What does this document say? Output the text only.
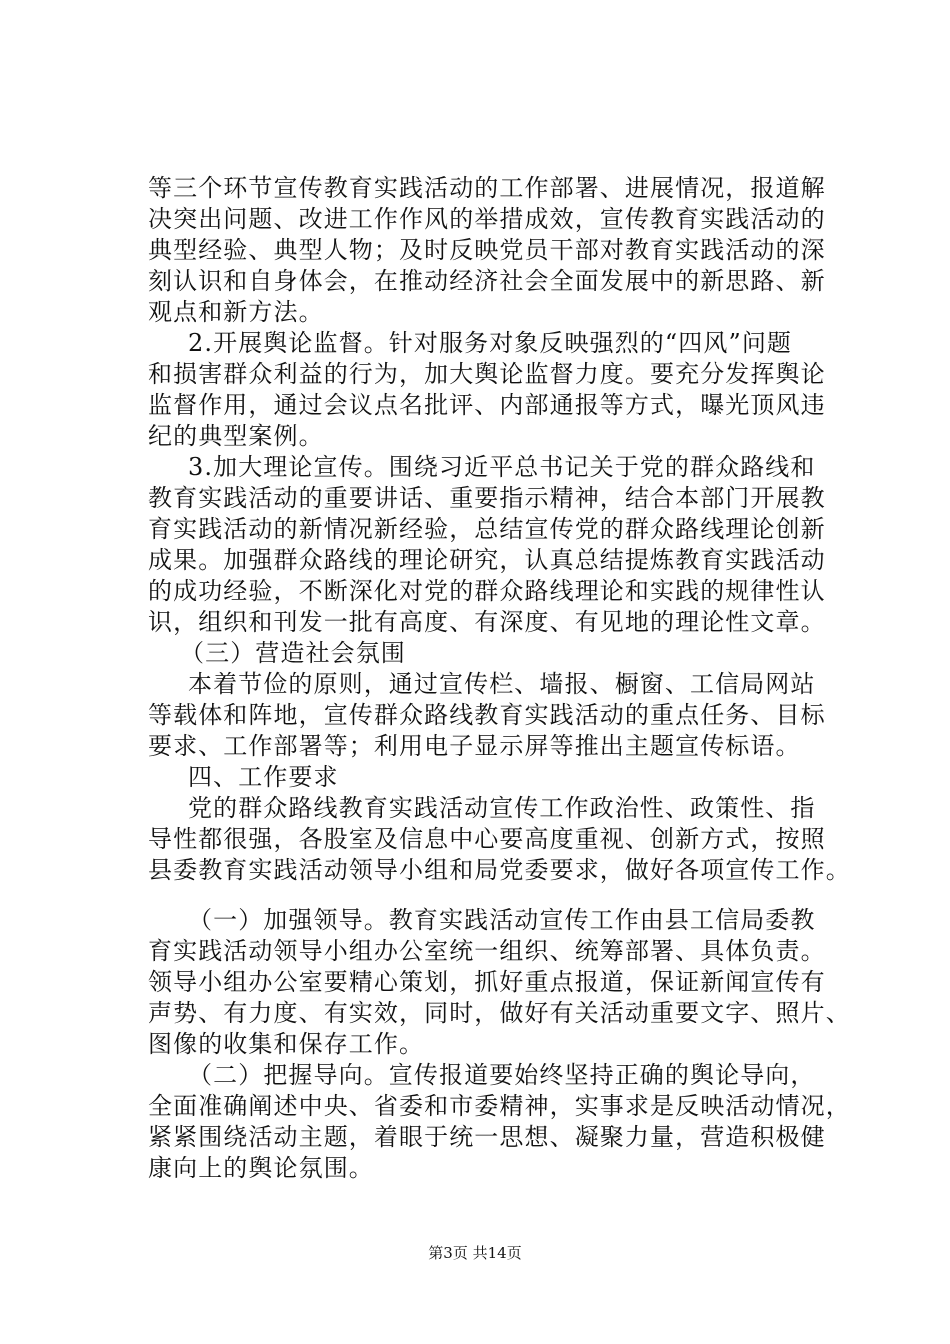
等三个环节宣传教育实践活动的工作部署、进展情况，报道解
决突出问题、改进工作作风的举措成效，宣传教育实践活动的
典型经验、典型人物；及时反映党员干部对教育实践活动的深
刻认识和自身体会，在推动经济社会全面发展中的新思路、新
观点和新方法。
2.开展舆论监督。针对服务对象反映强烈的“四风”问题
和损害群众利益的行为，加大舆论监督力度。要充分发挥舆论
监督作用，通过会议点名批评、内部通报等方式，曝光顶风违
纪的典型案例。
3.加大理论宣传。围绕习近平总书记关于党的群众路线和
教育实践活动的重要讲话、重要指示精神，结合本部门开展教
育实践活动的新情况新经验，总结宣传党的群众路线理论创新
成果。加强群众路线的理论研究，认真总结提炼教育实践活动
的成功经验，不断深化对党的群众路线理论和实践的规律性认
识，组织和刊发一批有高度、有深度、有见地的理论性文章。
（三）营造社会氛围
本着节俭的原则，通过宣传栏、墙报、橱窗、工信局网站
等载体和阵地，宣传群众路线教育实践活动的重点任务、目标
要求、工作部署等；利用电子显示屏等推出主题宣传标语。
四、工作要求
党的群众路线教育实践活动宣传工作政治性、政策性、指
导性都很强，各股室及信息中心要高度重视、创新方式，按照
县委教育实践活动领导小组和局党委要求，做好各项宣传工作。
（一）加强领导。教育实践活动宣传工作由县工信局委教
育实践活动领导小组办公室统一组织、统筹部署、具体负责。
领导小组办公室要精心策划，抓好重点报道，保证新闻宣传有
声势、有力度、有实效，同时，做好有关活动重要文字、照片、
图像的收集和保存工作。
（二）把握导向。宣传报道要始终坚持正确的舆论导向，
全面准确阐述中央、省委和市委精神，实事求是反映活动情况，
紧紧围绕活动主题，着眼于统一思想、凝聚力量，营造积极健
康向上的舆论氛围。
第3页 共14页
